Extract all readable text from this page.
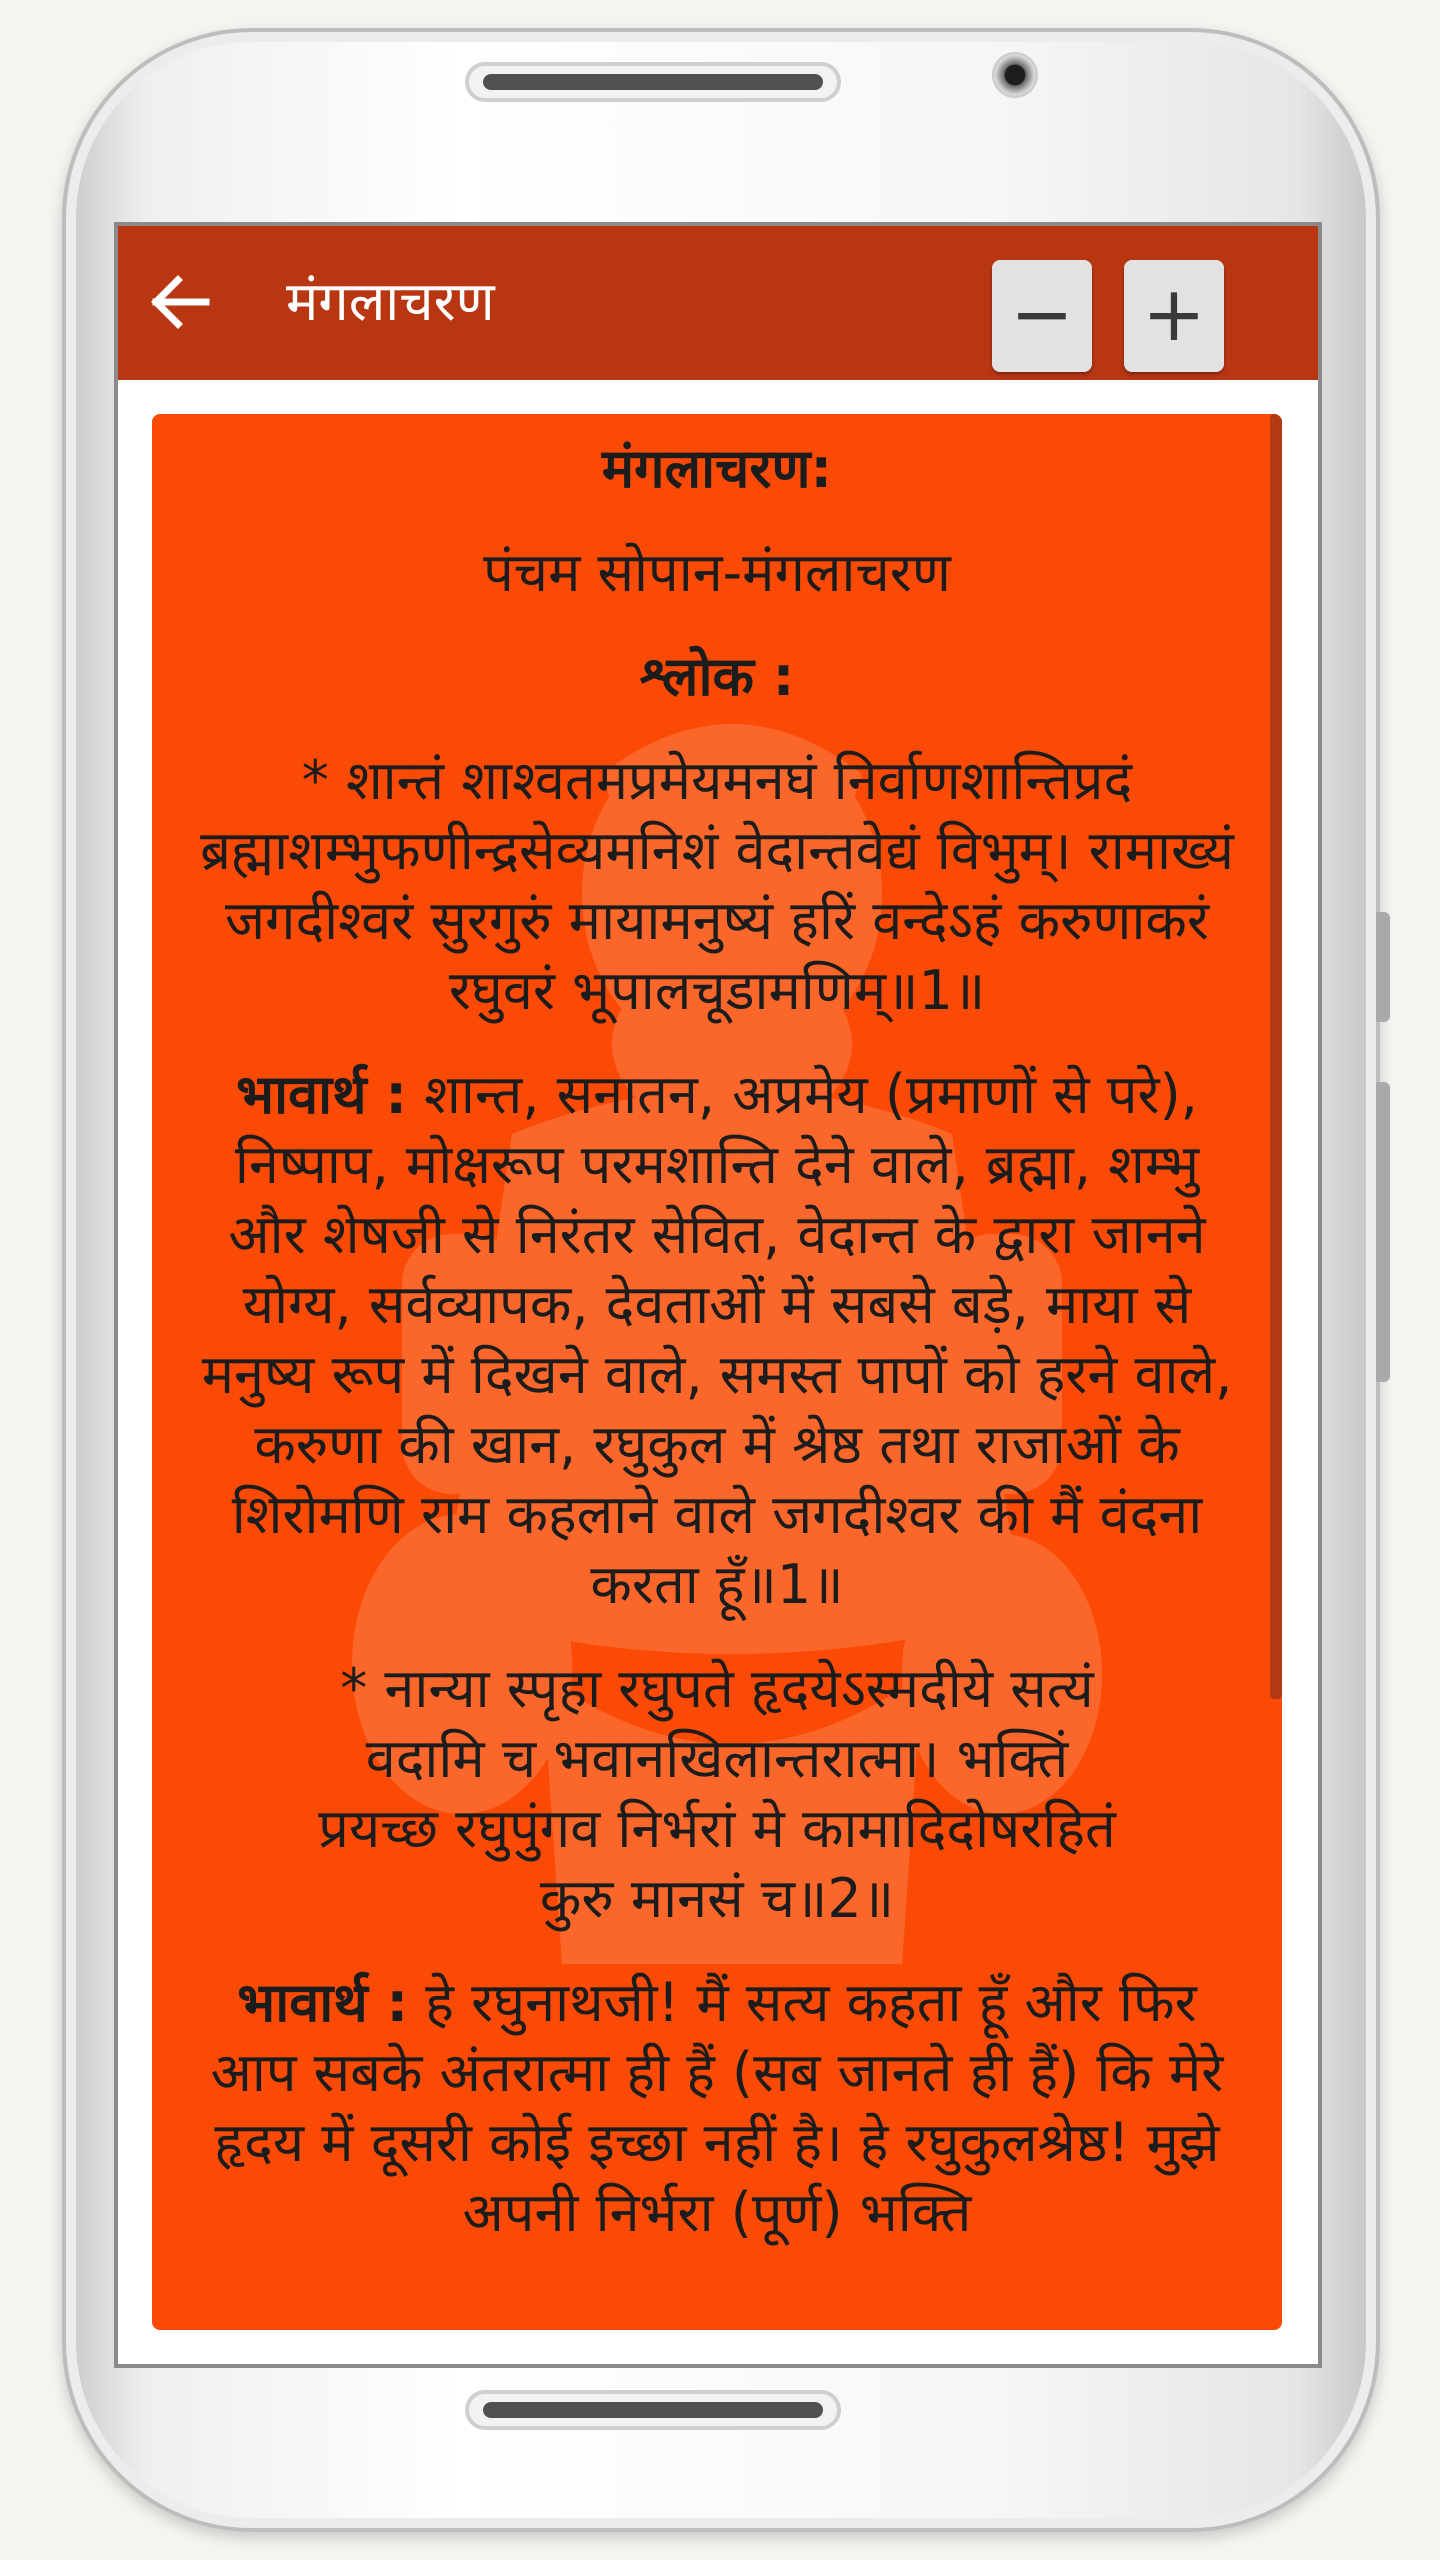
मंगलाचरण	− +

मंगलाचरण:

पंचम सोपान-मंगलाचरण

श्लोक :

* शान्तं शाश्वतमप्रमेयमनघं निर्वाणशान्तिप्रदं ब्रह्माशम्भुफणीन्द्रसेव्यमनिशं वेदान्तवेद्यं विभुम्‌। रामाख्यं जगदीश्वरं सुरगुरुं मायामनुष्यं हरिं वन्देऽहं करुणाकरं रघुवरं भूपालचूडामणिम्‌॥1॥

भावार्थ : शान्त, सनातन, अप्रमेय (प्रमाणों से परे), निष्पाप, मोक्षरूप परमशान्ति देने वाले, ब्रह्मा, शम्भु और शेषजी से निरंतर सेवित, वेदान्त के द्वारा जानने योग्य, सर्वव्यापक, देवताओं में सबसे बड़े, माया से मनुष्य रूप में दिखने वाले, समस्त पापों को हरने वाले, करुणा की खान, रघुकुल में श्रेष्ठ तथा राजाओं के शिरोमणि राम कहलाने वाले जगदीश्वर की मैं वंदना करता हूँ॥1॥

* नान्या स्पृहा रघुपते हृदयेऽस्मदीये सत्यं वदामि च भवानखिलान्तरात्मा। भक्तिं प्रयच्छ रघुपुंगव निर्भरां मे कामादिदोषरहितं कुरु मानसं च॥2॥

भावार्थ : हे रघुनाथजी! मैं सत्य कहता हूँ और फिर आप सबके अंतरात्मा ही हैं (सब जानते ही हैं) कि मेरे हृदय में दूसरी कोई इच्छा नहीं है। हे रघुकुलश्रेष्ठ! मुझे अपनी निर्भरा (पूर्ण) भक्ति
